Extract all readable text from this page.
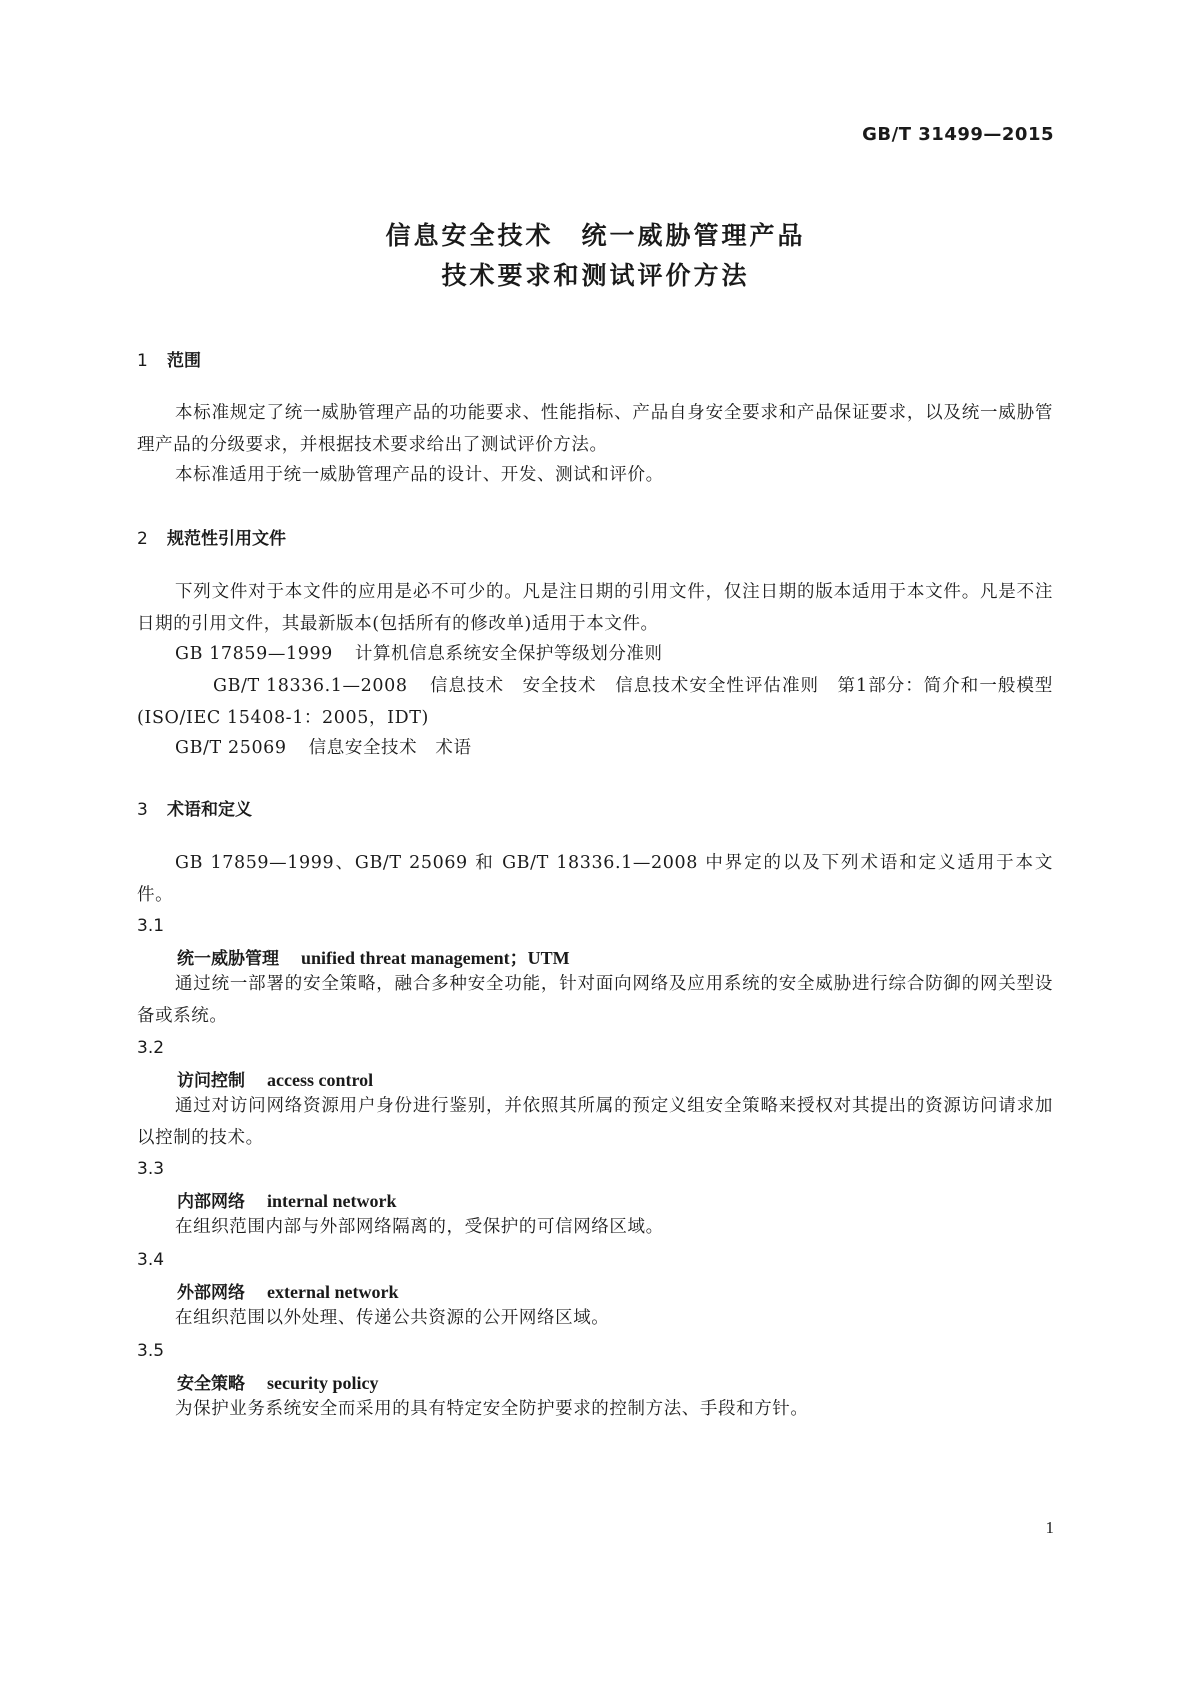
GB/T 31499—2015
信息安全技术　统一威胁管理产品
技术要求和测试评价方法
1 范围
本标准规定了统一威胁管理产品的功能要求、性能指标、产品自身安全要求和产品保证要求，以及统一威胁管理产品的分级要求，并根据技术要求给出了测试评价方法。
本标准适用于统一威胁管理产品的设计、开发、测试和评价。
2 规范性引用文件
下列文件对于本文件的应用是必不可少的。凡是注日期的引用文件，仅注日期的版本适用于本文件。凡是不注日期的引用文件，其最新版本(包括所有的修改单)适用于本文件。
GB 17859—1999 计算机信息系统安全保护等级划分准则
GB/T 18336.1—2008 信息技术　安全技术　信息技术安全性评估准则　第1部分：简介和一般模型(ISO/IEC 15408-1：2005，IDT)
GB/T 25069 信息安全技术　术语
3 术语和定义
GB 17859—1999、GB/T 25069 和 GB/T 18336.1—2008 中界定的以及下列术语和定义适用于本文件。
3.1
统一威胁管理 unified threat management；UTM
通过统一部署的安全策略，融合多种安全功能，针对面向网络及应用系统的安全威胁进行综合防御的网关型设备或系统。
3.2
访问控制 access control
通过对访问网络资源用户身份进行鉴别，并依照其所属的预定义组安全策略来授权对其提出的资源访问请求加以控制的技术。
3.3
内部网络 internal network
在组织范围内部与外部网络隔离的，受保护的可信网络区域。
3.4
外部网络 external network
在组织范围以外处理、传递公共资源的公开网络区域。
3.5
安全策略 security policy
为保护业务系统安全而采用的具有特定安全防护要求的控制方法、手段和方针。
1
